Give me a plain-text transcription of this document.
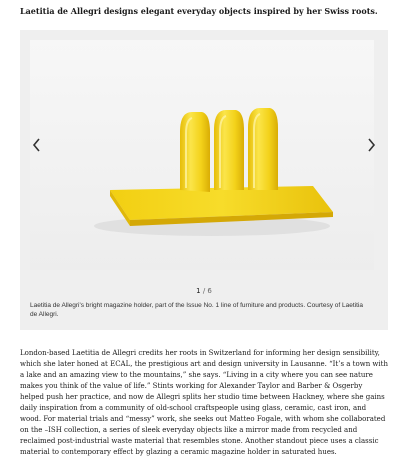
Laetitia de Allegri designs elegant everyday objects inspired by her Swiss roots.

1 / 6

Laetitia de Allegri's bright magazine holder, part of the Issue No. 1 line of furniture and products. Courtesy of Laetitia de Allegri.

London-based Laetitia de Allegri credits her roots in Switzerland for informing her design sensibility, which she later honed at ECAL, the prestigious art and design university in Lausanne. “It’s a town with a lake and an amazing view to the mountains,” she says. “Living in a city where you can see nature makes you think of the value of life.” Stints working for Alexander Taylor and Barber & Osgerby helped push her practice, and now de Allegri splits her studio time between Hackney, where she gains daily inspiration from a community of old-school craftspeople using glass, ceramic, cast iron, and wood. For material trials and “messy” work, she seeks out Matteo Fogale, with whom she collaborated on the –ISH collection, a series of sleek everyday objects like a mirror made from recycled and reclaimed post-industrial waste material that resembles stone. Another standout piece uses a classic material to contemporary effect by glazing a ceramic magazine holder in saturated hues.
